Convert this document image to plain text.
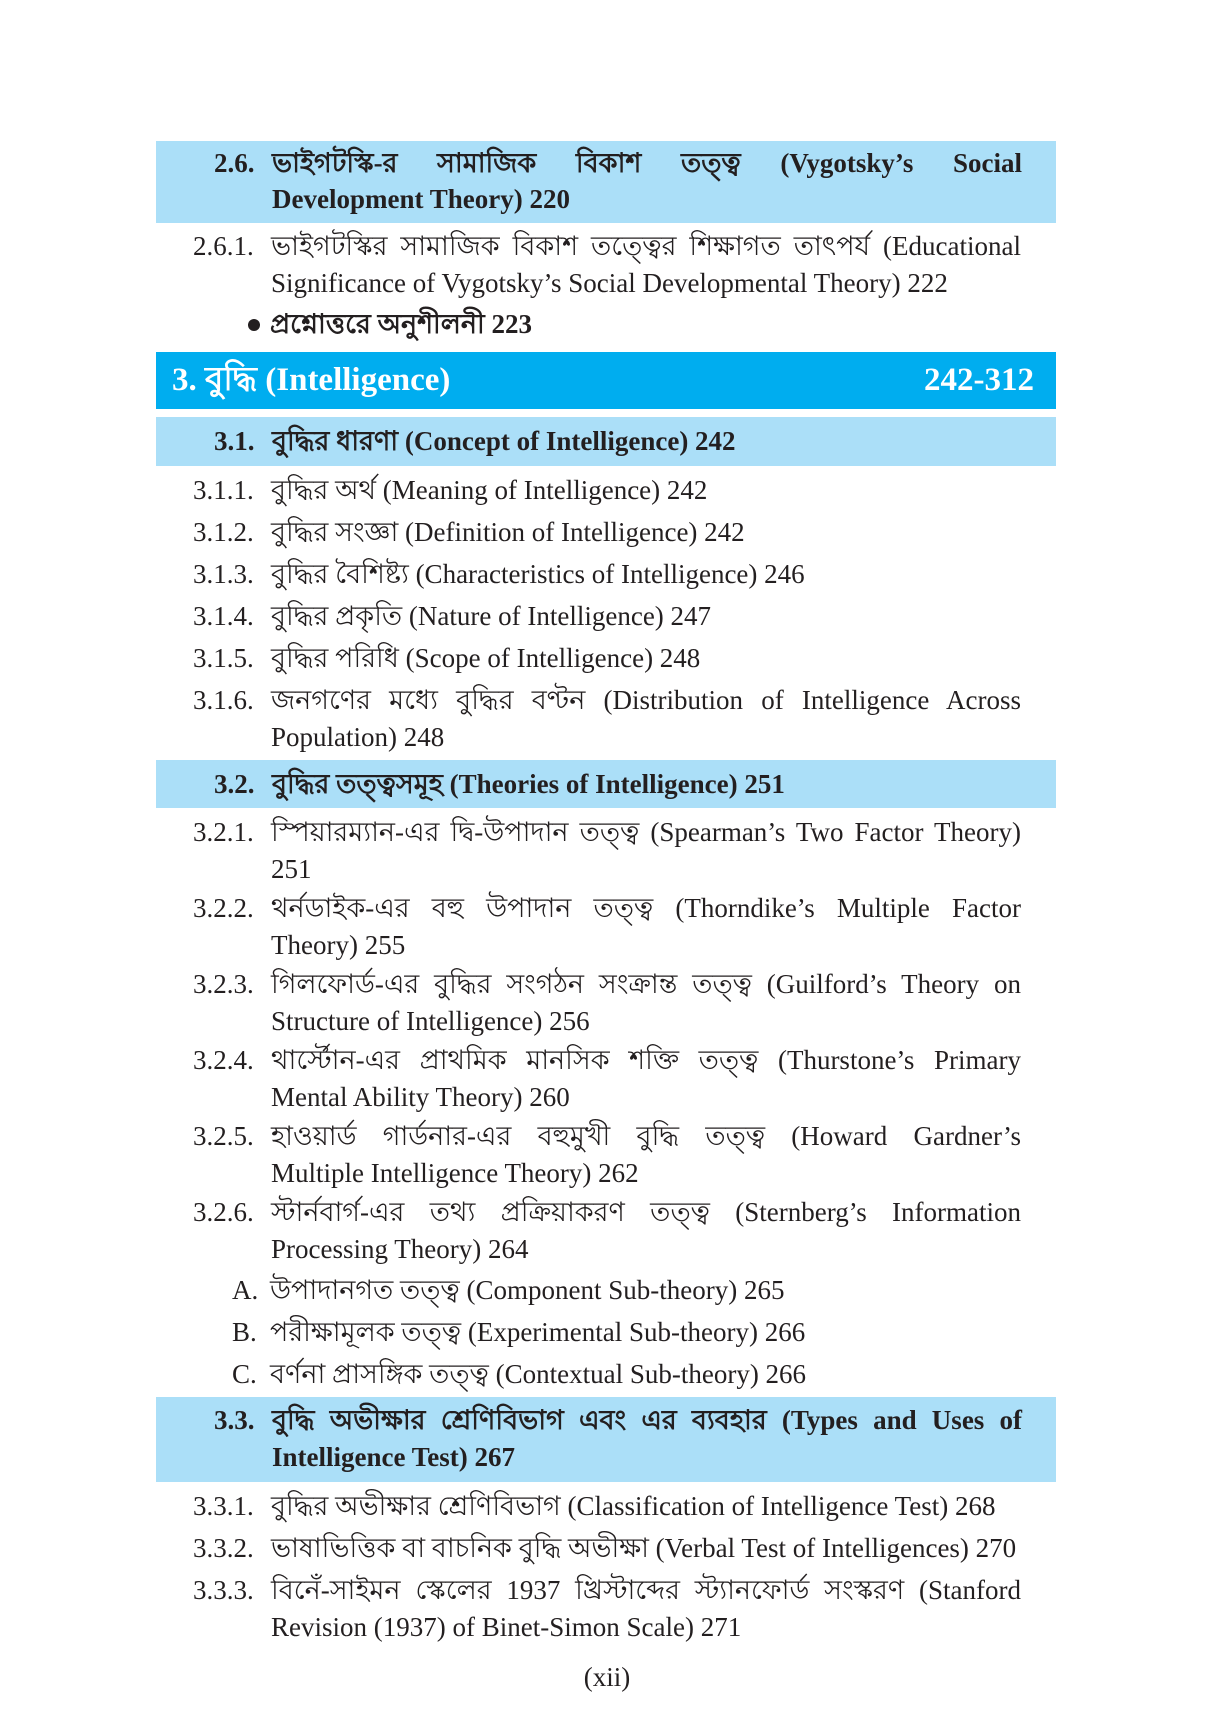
2.6. ভাইগটস্কি-র সামাজিক বিকাশ তত্ত্ব (Vygotsky’s Social
Development Theory) 220
2.6.1. ভাইগটস্কির সামাজিক বিকাশ তত্ত্বের শিক্ষাগত তাৎপর্য (Educational
Significance of Vygotsky’s Social Developmental Theory) 222
প্রশ্নোত্তরে অনুশীলনী 223
3. বুদ্ধি (Intelligence)	242-312
3.1. বুদ্ধির ধারণা (Concept of Intelligence) 242
3.1.1. বুদ্ধির অর্থ (Meaning of Intelligence) 242
3.1.2. বুদ্ধির সংজ্ঞা (Definition of Intelligence) 242
3.1.3. বুদ্ধির বৈশিষ্ট্য (Characteristics of Intelligence) 246
3.1.4. বুদ্ধির প্রকৃতি (Nature of Intelligence) 247
3.1.5. বুদ্ধির পরিধি (Scope of Intelligence) 248
3.1.6. জনগণের মধ্যে বুদ্ধির বণ্টন (Distribution of Intelligence Across
Population) 248
3.2. বুদ্ধির তত্ত্বসমূহ (Theories of Intelligence) 251
3.2.1. স্পিয়ারম্যান-এর দ্বি-উপাদান তত্ত্ব (Spearman’s Two Factor Theory)
251
3.2.2. থর্নডাইক-এর বহু উপাদান তত্ত্ব (Thorndike’s Multiple Factor
Theory) 255
3.2.3. গিলফোর্ড-এর বুদ্ধির সংগঠন সংক্রান্ত তত্ত্ব (Guilford’s Theory on
Structure of Intelligence) 256
3.2.4. থার্স্টোন-এর প্রাথমিক মানসিক শক্তি তত্ত্ব (Thurstone’s Primary
Mental Ability Theory) 260
3.2.5. হাওয়ার্ড গার্ডনার-এর বহুমুখী বুদ্ধি তত্ত্ব (Howard Gardner’s
Multiple Intelligence Theory) 262
3.2.6. স্টার্নবার্গ-এর তথ্য প্রক্রিয়াকরণ তত্ত্ব (Sternberg’s Information
Processing Theory) 264
A. উপাদানগত তত্ত্ব (Component Sub-theory) 265
B. পরীক্ষামূলক তত্ত্ব (Experimental Sub-theory) 266
C. বর্ণনা প্রাসঙ্গিক তত্ত্ব (Contextual Sub-theory) 266
3.3. বুদ্ধি অভীক্ষার শ্রেণিবিভাগ এবং এর ব্যবহার (Types and Uses of
Intelligence Test) 267
3.3.1. বুদ্ধির অভীক্ষার শ্রেণিবিভাগ (Classification of Intelligence Test) 268
3.3.2. ভাষাভিত্তিক বা বাচনিক বুদ্ধি অভীক্ষা (Verbal Test of Intelligences) 270
3.3.3. বিনেঁ-সাইমন স্কেলের 1937 খ্রিস্টাব্দের স্ট্যানফোর্ড সংস্করণ (Stanford
Revision (1937) of Binet-Simon Scale) 271
(xii)
